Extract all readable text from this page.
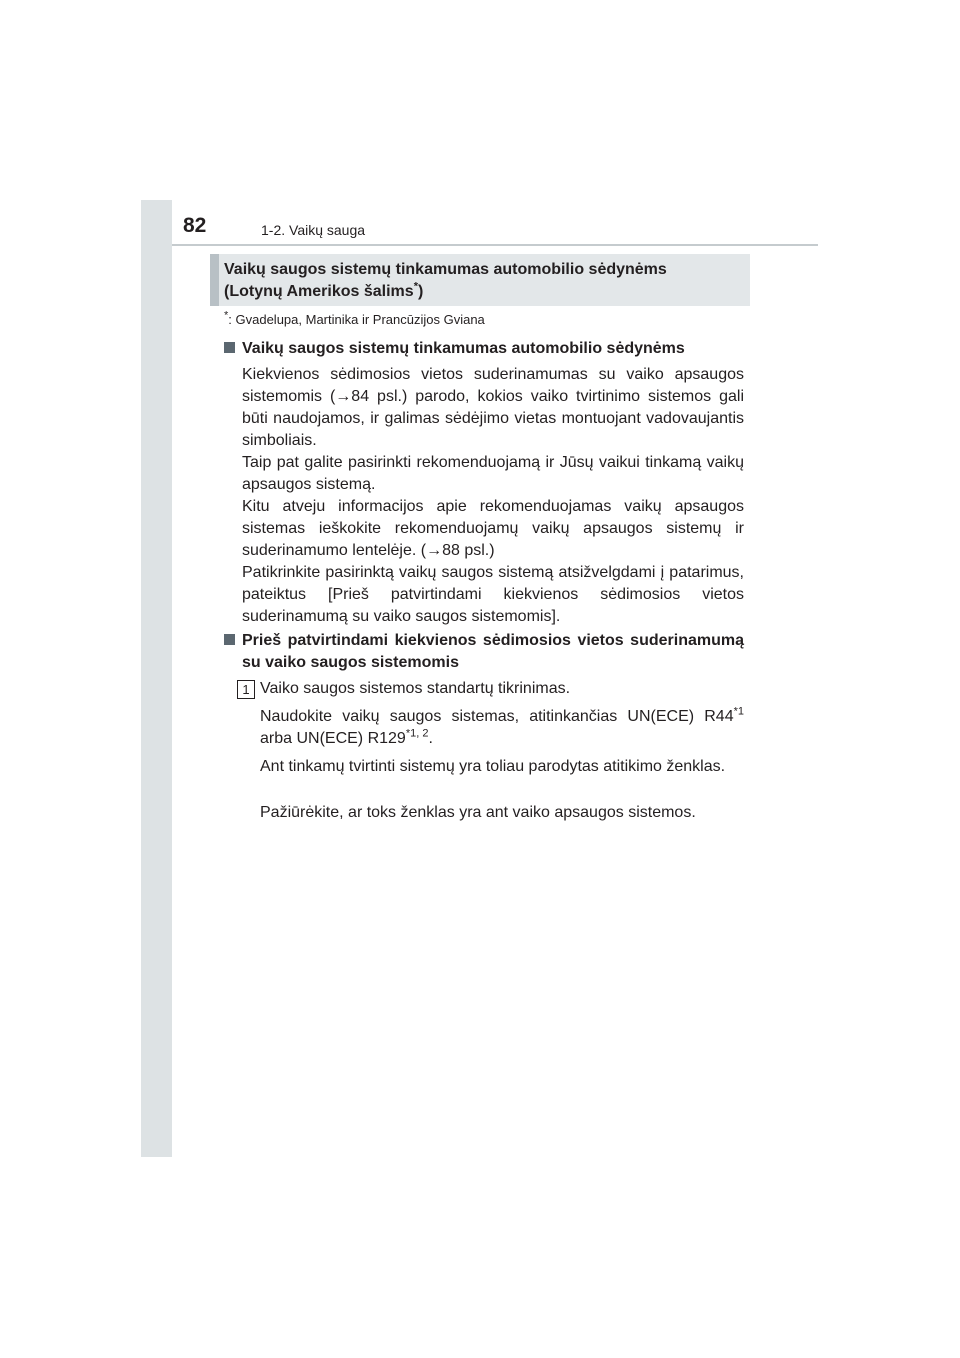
82	1-2. Vaikų sauga
Vaikų saugos sistemų tinkamumas automobilio sėdynėms
(Lotynų Amerikos šalims*)
*: Gvadelupa, Martinika ir Prancūzijos Gviana
Vaikų saugos sistemų tinkamumas automobilio sėdynėms

Kiekvienos sėdimosios vietos suderinamumas su vaiko apsaugos sistemomis (→84 psl.) parodo, kokios vaiko tvirtinimo sistemos gali būti naudojamos, ir galimas sėdėjimo vietas montuojant vadovaujantis simboliais.

Taip pat galite pasirinkti rekomenduojamą ir Jūsų vaikui tinkamą vaikų apsaugos sistemą.

Kitu atveju informacijos apie rekomenduojamas vaikų apsaugos sistemas ieškokite rekomenduojamų vaikų apsaugos sistemų ir suderinamumo lentelėje. (→88 psl.)

Patikrinkite pasirinktą vaikų saugos sistemą atsižvelgdami į patarimus, pateiktus [Prieš patvirtindami kiekvienos sėdimosios vietos suderinamumą su vaiko saugos sistemomis].

Prieš patvirtindami kiekvienos sėdimosios vietos suderinamumą su vaiko saugos sistemomis
1 Vaiko saugos sistemos standartų tikrinimas.
Naudokite vaikų saugos sistemas, atitinkančias UN(ECE) R44$^{*1}$ arba UN(ECE) R129$^{*1, 2}$.
Ant tinkamų tvirtinti sistemų yra toliau parodytas atitikimo ženklas.
Pažiūrėkite, ar toks ženklas yra ant vaiko apsaugos sistemos.
